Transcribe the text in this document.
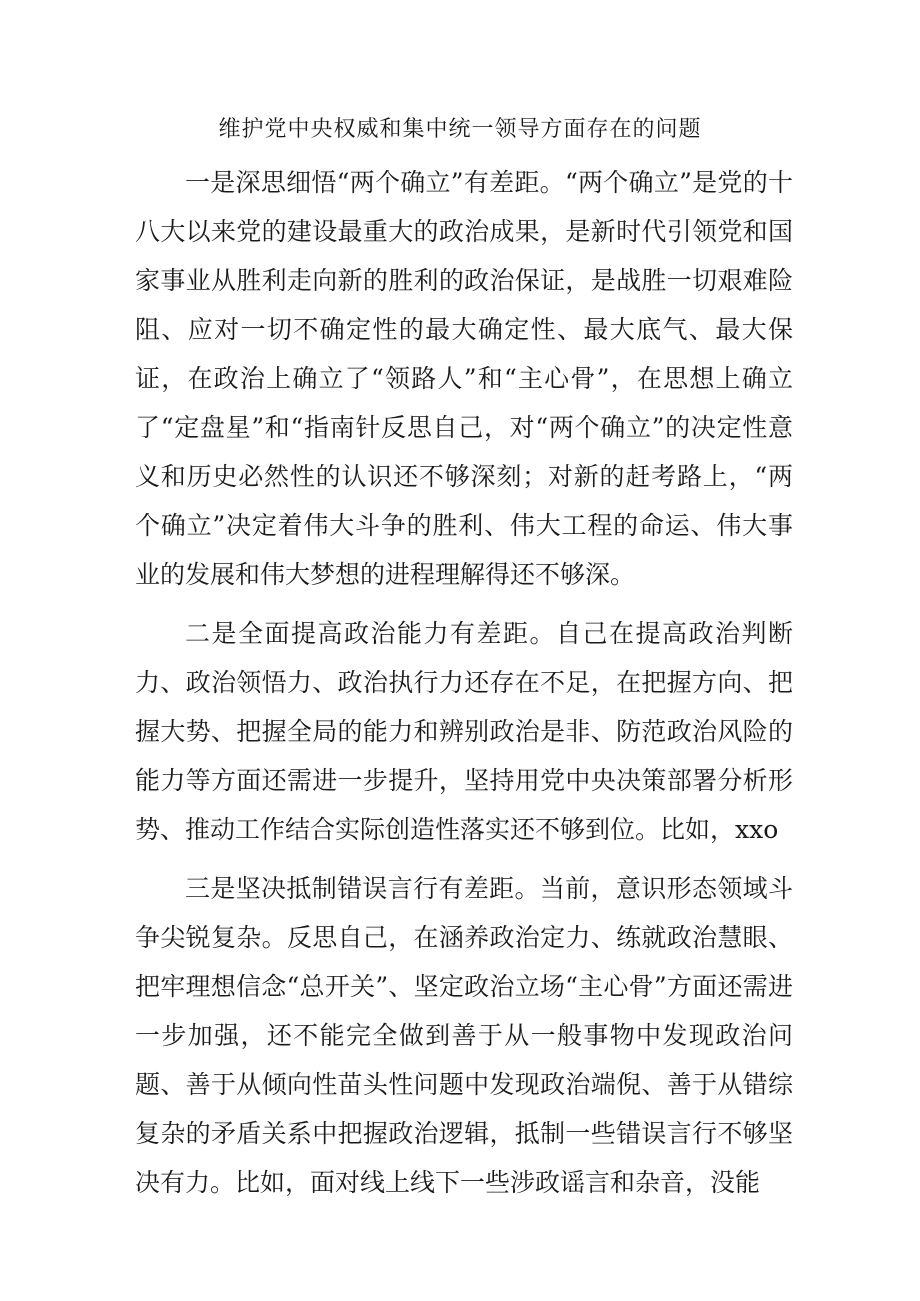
维护党中央权威和集中统一领导方面存在的问题

一是深思细悟“两个确立”有差距。“两个确立”是党的十八大以来党的建设最重大的政治成果，是新时代引领党和国家事业从胜利走向新的胜利的政治保证，是战胜一切艰难险阻、应对一切不确定性的最大确定性、最大底气、最大保证，在政治上确立了“领路人”和“主心骨”，在思想上确立了“定盘星”和“指南针反思自己，对“两个确立”的决定性意义和历史必然性的认识还不够深刻；对新的赶考路上，“两个确立”决定着伟大斗争的胜利、伟大工程的命运、伟大事业的发展和伟大梦想的进程理解得还不够深。

二是全面提高政治能力有差距。自己在提高政治判断力、政治领悟力、政治执行力还存在不足，在把握方向、把握大势、把握全局的能力和辨别政治是非、防范政治风险的能力等方面还需进一步提升，坚持用党中央决策部署分析形势、推动工作结合实际创造性落实还不够到位。比如，xxo

三是坚决抵制错误言行有差距。当前，意识形态领域斗争尖锐复杂。反思自己，在涵养政治定力、练就政治慧眼、把牢理想信念“总开关”、坚定政治立场“主心骨”方面还需进一步加强，还不能完全做到善于从一般事物中发现政治问题、善于从倾向性苗头性问题中发现政治端倪、善于从错综复杂的矛盾关系中把握政治逻辑，抵制一些错误言行不够坚决有力。比如，面对线上线下一些涉政谣言和杂音，没能
